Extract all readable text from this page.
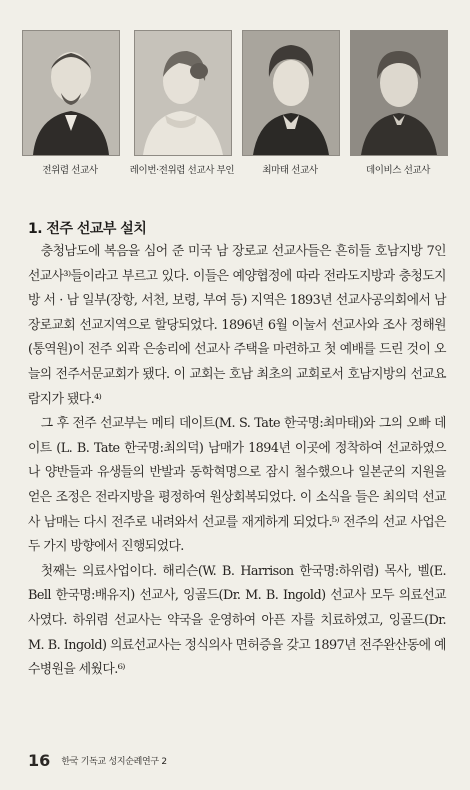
전위렴 선교사	레이번·전위렴 선교사 부인	최마태 선교사	데이비스 선교사
1. 전주 선교부 설치

충청남도에 복음을 심어 준 미국 남 장로교 선교사들은 흔히들 호남지방 7인 선교사³⁾들이라고 부르고 있다. 이들은 예양협정에 따라 전라도지방과 충청도지방 서 · 남 일부(장항, 서천, 보령, 부여 등) 지역은 1893년 선교사공의회에서 남 장로교회 선교지역으로 할당되었다. 1896년 6월 이눌서 선교사와 조사 정해원(통역원)이 전주 외곽 은송리에 선교사 주택을 마련하고 첫 예배를 드린 것이 오늘의 전주서문교회가 됐다. 이 교회는 호남 최초의 교회로서 호남지방의 선교요람지가 됐다.⁴⁾

그 후 전주 선교부는 메티 데이트(M. S. Tate 한국명:최마태)와 그의 오빠 데이트 (L. B. Tate 한국명:최의덕) 남매가 1894년 이곳에 정착하여 선교하였으나 양반들과 유생들의 반발과 동학혁명으로 잠시 철수했으나 일본군의 지원을 얻은 조정은 전라지방을 평정하여 원상회복되었다. 이 소식을 들은 최의덕 선교사 남매는 다시 전주로 내려와서 선교를 재게하게 되었다.⁵⁾ 전주의 선교 사업은 두 가지 방향에서 진행되었다.

첫째는 의료사업이다. 해리슨(W. B. Harrison 한국명:하위렴) 목사, 벨(E. Bell 한국명:배유지) 선교사, 잉골드(Dr. M. B. Ingold) 선교사 모두 의료선교사였다. 하위렴 선교사는 약국을 운영하여 아픈 자를 치료하였고, 잉골드(Dr. M. B. Ingold) 의료선교사는 정식의사 면허증을 갖고 1897년 전주완산동에 예수병원을 세웠다.⁶⁾

16 한국 기독교 성지순례연구 2
